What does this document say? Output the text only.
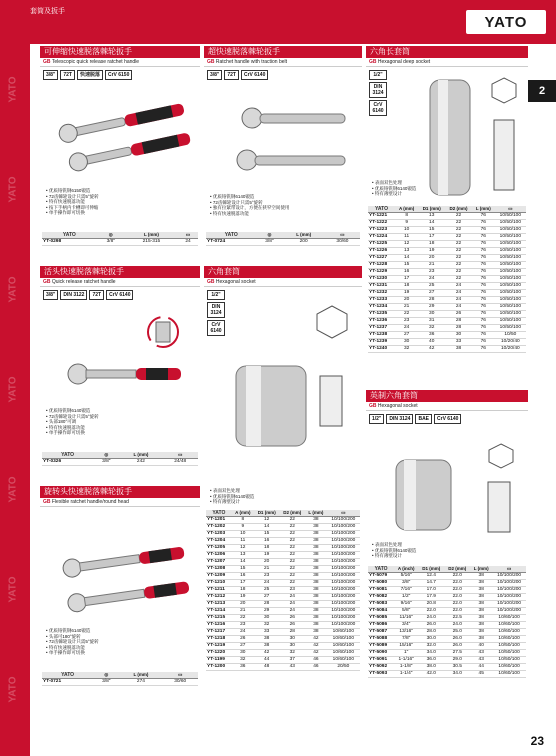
套筒及扳手
YATO
YATO
YATO
YATO
YATO
YATO
YATO
YATO
2
23
可伸缩快速脱落棘轮扳手
GB Telescopic quick release ratchet handle
3/8"	72T	快速脱落	CrV 6150
• 优质铬钒钢6150锻造
• 72齿棘轮设计只需5°旋转
• 特有快速脱落功能
• 按下手柄内卡槽即可伸缩
• 单手操作即可切换
YATO	◎	L (mm)	▭
YT-0298	3/8"	215-315	24
活头快速脱落棘轮扳手
GB Quick release ratchet handle
3/8"	DIN 3122	72T	CrV 6140
• 优质铬钒钢6140锻造
• 72齿棘轮设计只需5°旋转
• 头部180°可调
• 特有快速脱落功能
• 单手操作即可切换
YATO	◎	L (mm)	▭
YT-0326	3/8"	242	24/48
旋转头快速脱落棘轮扳手
GB Flexible ratchet handle/round head
• 优质铬钒钢6140锻造
• 头部可180°旋转
• 72齿棘轮设计只需5°旋转
• 特有快速脱落功能
• 单手操作即可切换
YATO	◎	L (mm)	▭
YT-0721	3/8"	274	30/60
超快速脱落棘轮扳手
GB Ratchet handle with traction belt
3/8"	72T	CrV 6140
• 优质铬钒钢6140锻造
• 72齿棘轮设计只需5°旋转
• 独有拉紧带设计，方便在狭窄空间使用
• 特有快速脱落功能
YATO	◎	L (mm)	▭
YT-0724	3/8"	200	30/60
六角套筒
GB Hexagonal socket
1/2"
DIN 3124
CrV 6140
• 表面双色处理
• 优质铬钒钢6140锻造
• 特有薄壁设计
YATO	A (mm)	D1 (mm)	D2 (mm)	L (mm)	▭
YT-1201	8	12	22	38	10/100/200
YT-1202	9	14	22	38	10/100/200
YT-1203	10	15	22	38	10/100/200
YT-1204	11	16	22	38	10/100/200
YT-1205	12	18	22	38	10/100/200
YT-1206	13	19	22	38	10/100/200
YT-1207	14	20	22	38	10/100/200
YT-1208	15	21	22	38	10/100/200
YT-1209	16	23	22	38	10/100/200
YT-1210	17	24	22	38	10/100/200
YT-1211	18	25	23	38	10/100/200
YT-1212	19	27	24	38	10/100/200
YT-1213	20	28	24	38	10/100/200
YT-1214	21	29	24	38	10/100/200
YT-1215	22	30	26	38	10/100/200
YT-1216	23	32	26	38	10/100/200
YT-1217	24	33	28	38	10/60/100
YT-1218	26	38	30	42	10/60/100
YT-1219	27	38	30	42	10/60/100
YT-1220	30	42	32	42	10/60/100
YT-1199	32	44	37	46	10/60/100
YT-1200	36	48	43	46	20/50
六角长套筒
GB Hexagonal deep socket
1/2"
DIN 3124
CrV 6140
• 表面双色处理
• 优质铬钒钢6140锻造
• 特有薄壁设计
YATO	A (mm)	D1 (mm)	D2 (mm)	L (mm)	▭
YT-1221	8	13	22	76	10/50/100
YT-1222	9	14	22	76	10/50/100
YT-1223	10	15	22	76	10/50/100
YT-1224	11	17	22	76	10/50/100
YT-1225	12	18	22	76	10/50/100
YT-1226	13	19	22	76	10/50/100
YT-1227	14	20	22	76	10/50/100
YT-1228	15	21	22	76	10/50/100
YT-1229	16	23	22	76	10/50/100
YT-1230	17	24	22	76	10/50/100
YT-1231	18	25	24	76	10/50/100
YT-1232	19	27	24	76	10/50/100
YT-1233	20	28	24	76	10/50/100
YT-1234	21	29	24	76	10/50/100
YT-1235	22	30	26	76	10/50/100
YT-1236	23	31	28	76	10/50/100
YT-1237	24	32	28	76	10/50/100
YT-1238	27	36	30	76	10/50
YT-1239	30	40	33	76	10/20/40
YT-1240	32	42	38	76	10/20/40
英制六角套筒
GB Hexagonal socket
1/2"	DIN 3124	BAE	CrV 6140
• 表面双色处理
• 优质铬钒钢6140锻造
• 特有薄壁设计
YATO	A (inch)	D1 (mm)	D2 (mm)	L (mm)	▭
YT-5079	5/16"	12.4	22.0	38	10/100/200
YT-5080	3/8"	14.7	22.0	38	10/100/200
YT-5081	7/16"	17.0	22.0	38	10/100/200
YT-5082	1/2"	17.9	22.0	38	10/100/200
YT-5083	9/16"	20.8	22.0	38	10/100/200
YT-5084	5/8"	22.0	22.0	38	10/100/200
YT-5085	11/16"	24.0	22.5	38	10/60/100
YT-5086	3/4"	26.0	24.0	38	10/60/100
YT-5087	13/16"	28.0	25.0	38	10/60/100
YT-5088	7/8"	30.0	26.0	38	10/60/100
YT-5089	15/16"	32.0	26.0	40	10/50/100
YT-5090	1"	34.0	27.5	43	10/50/100
YT-5091	1-1/16"	36.0	29.0	43	10/50/100
YT-5092	1-1/8"	38.0	30.5	44	10/60/100
YT-5093	1-1/4"	42.0	34.0	45	10/60/100
